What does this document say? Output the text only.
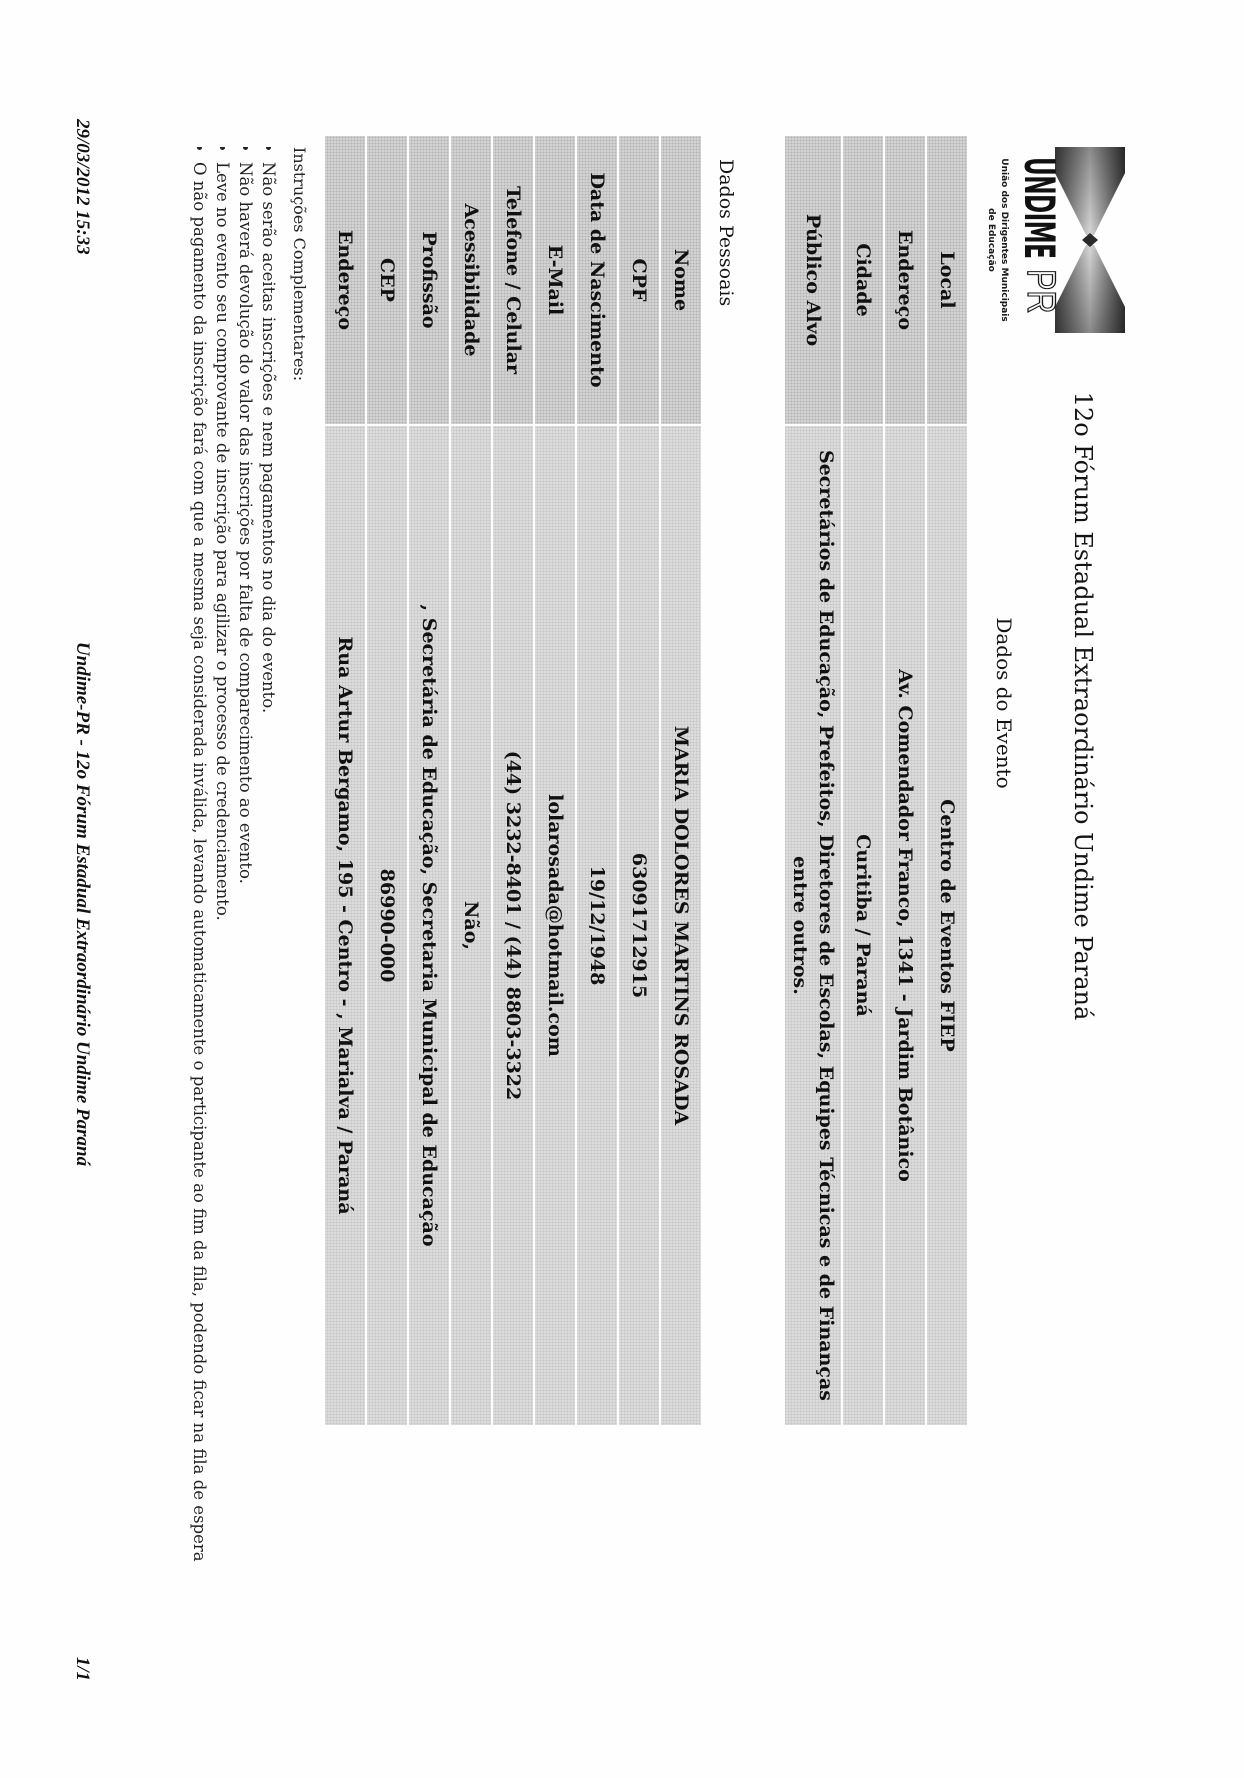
UNDIME
PR
União dos Dirigentes Municipais
de Educação
12o Fórum Estadual Extraordinário Undime Paraná
Dados do Evento
Local	Centro de Eventos FIEP
Endereço	Av. Comendador Franco, 1341 - Jardim Botânico
Cidade	Curitiba / Paraná
Público Alvo	Secretários de Educação, Prefeitos, Diretores de Escolas, Equipes Técnicas e de Finanças entre outros.
Dados Pessoais
Nome	MARIA DOLORES MARTINS ROSADA
CPF	63091712915
Data de Nascimento	19/12/1948
E-Mail	lolarosada@hotmail.com
Telefone / Celular	(44) 3232-8401 / (44) 8803-3322
Acessibilidade	Não,
Profissão	, Secretária de Educação, Secretaria Municipal de Educação
CEP	86990-000
Endereço	Rua Artur Bergamo, 195 - Centro - , Marialva / Paraná
Instruções Complementares:
• Não serão aceitas inscrições e nem pagamentos no dia do evento.
• Não haverá devolução do valor das inscrições por falta de comparecimento ao evento.
• Leve no evento seu comprovante de inscrição para agilizar o processo de credenciamento.
• O não pagamento da inscrição fará com que a mesma seja considerada inválida, levando automaticamente o participante ao fim da fila, podendo ficar na fila de espera
29/03/2012 15:33
Undime-PR - 12o Fórum Estadual Extraordinário Undime Paraná
1/1
